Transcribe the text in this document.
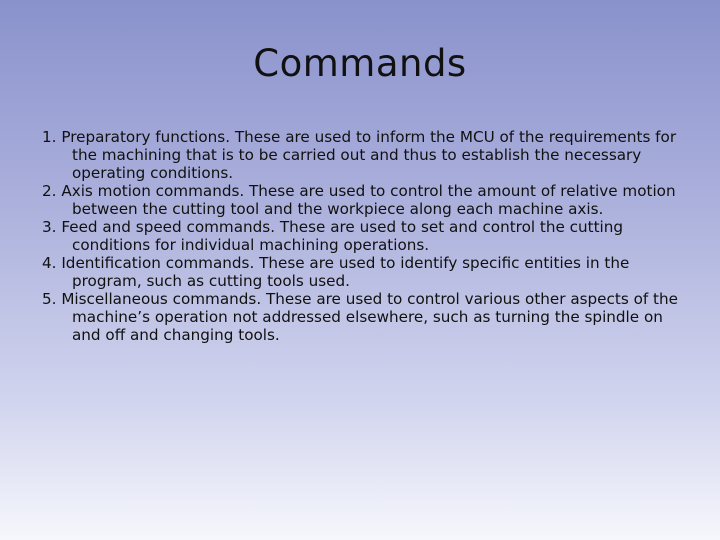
Commands
1. Preparatory functions. These are used to inform the MCU of the requirements for the machining that is to be carried out and thus to establish the necessary operating conditions.
2. Axis motion commands. These are used to control the amount of relative motion between the cutting tool and the workpiece along each machine axis.
3. Feed and speed commands. These are used to set and control the cutting conditions for individual machining operations.
4. Identification commands. These are used to identify specific entities in the program, such as cutting tools used.
5. Miscellaneous commands. These are used to control various other aspects of the machine’s operation not addressed elsewhere, such as turning the spindle on and off and changing tools.
